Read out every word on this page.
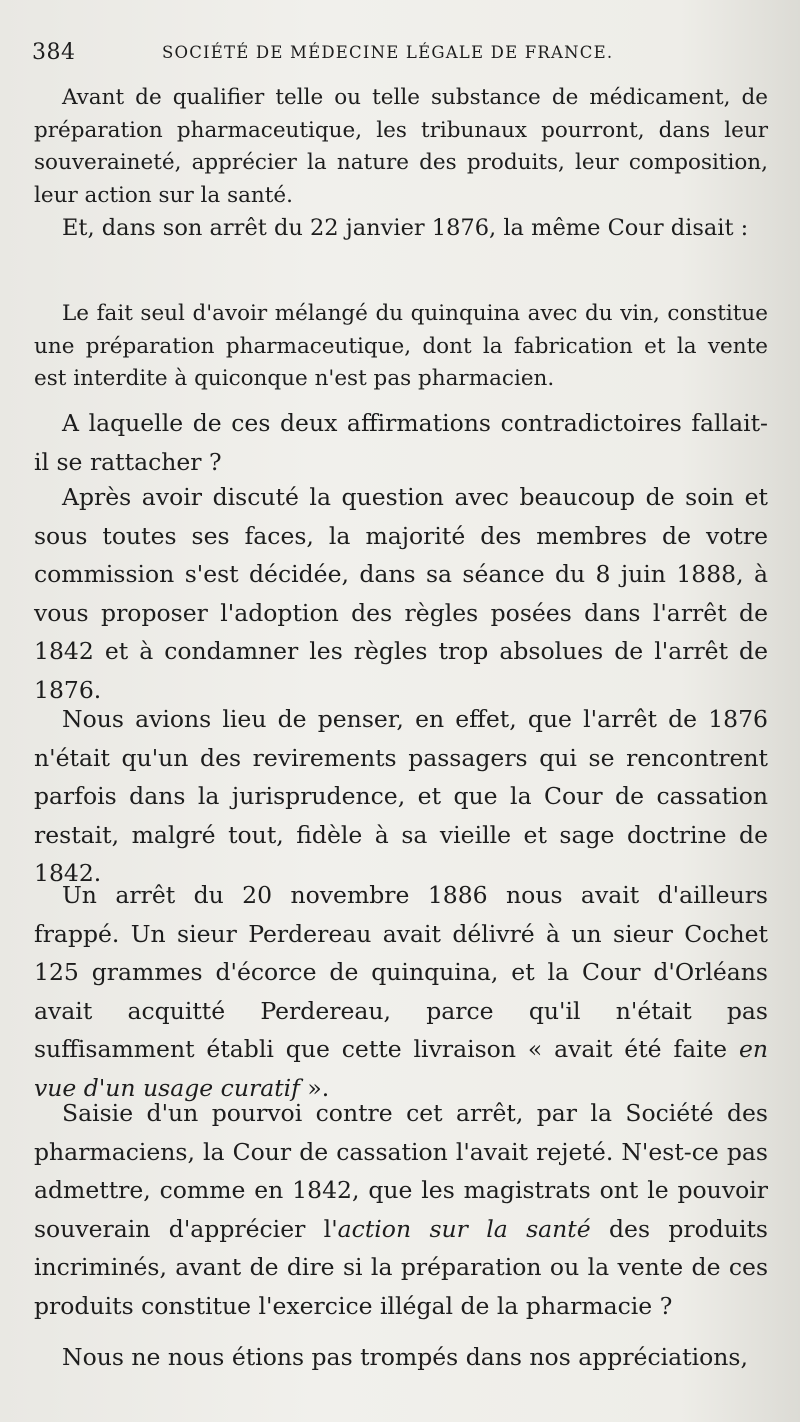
384	SOCIÉTÉ DE MÉDECINE LÉGALE DE FRANCE.

Avant de qualifier telle ou telle substance de médicament, de préparation pharmaceutique, les tribunaux pourront, dans leur souveraineté, apprécier la nature des produits, leur composition, leur action sur la santé.

Et, dans son arrêt du 22 janvier 1876, la même Cour disait :

Le fait seul d'avoir mélangé du quinquina avec du vin, constitue une préparation pharmaceutique, dont la fabrication et la vente est interdite à quiconque n'est pas pharmacien.

A laquelle de ces deux affirmations contradictoires fallait-il se rattacher ?

Après avoir discuté la question avec beaucoup de soin et sous toutes ses faces, la majorité des membres de votre commission s'est décidée, dans sa séance du 8 juin 1888, à vous proposer l'adoption des règles posées dans l'arrêt de 1842 et à condamner les règles trop absolues de l'arrêt de 1876.

Nous avions lieu de penser, en effet, que l'arrêt de 1876 n'était qu'un des revirements passagers qui se rencontrent parfois dans la jurisprudence, et que la Cour de cassation restait, malgré tout, fidèle à sa vieille et sage doctrine de 1842.

Un arrêt du 20 novembre 1886 nous avait d'ailleurs frappé. Un sieur Perdereau avait délivré à un sieur Cochet 125 grammes d'écorce de quinquina, et la Cour d'Orléans avait acquitté Perdereau, parce qu'il n'était pas suffisamment établi que cette livraison « avait été faite en vue d'un usage curatif ».

Saisie d'un pourvoi contre cet arrêt, par la Société des pharmaciens, la Cour de cassation l'avait rejeté. N'est-ce pas admettre, comme en 1842, que les magistrats ont le pouvoir souverain d'apprécier l'action sur la santé des produits incriminés, avant de dire si la préparation ou la vente de ces produits constitue l'exercice illégal de la pharmacie ?

Nous ne nous étions pas trompés dans nos appréciations,
